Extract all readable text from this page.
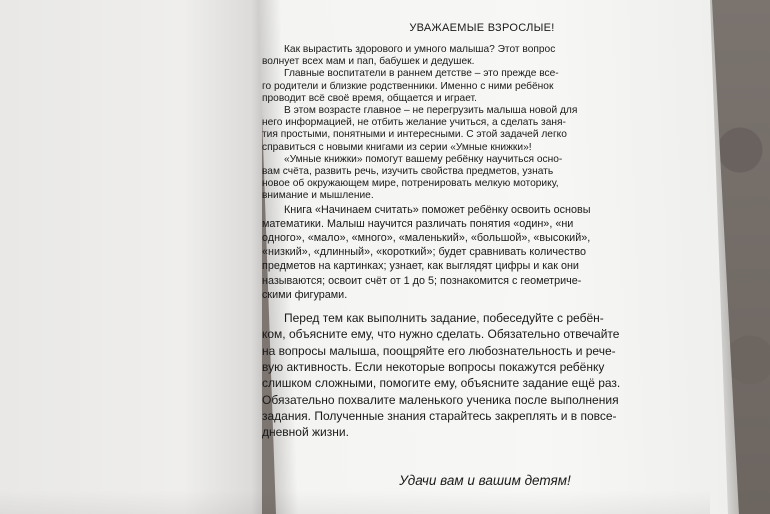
УВАЖАЕМЫЕ ВЗРОСЛЫЕ!
Как вырастить здорового и умного малыша? Этот вопрос
волнует всех мам и пап, бабушек и дедушек.
Главные воспитатели в раннем детстве – это прежде все-
го родители и близкие родственники. Именно с ними ребёнок
проводит всё своё время, общается и играет.
В этом возрасте главное – не перегрузить малыша новой для
него информацией, не отбить желание учиться, а сделать заня-
тия простыми, понятными и интересными. С этой задачей легко
справиться с новыми книгами из серии «Умные книжки»!
«Умные книжки» помогут вашему ребёнку научиться осно-
вам счёта, развить речь, изучить свойства предметов, узнать
новое об окружающем мире, потренировать мелкую моторику,
внимание и мышление.
Книга «Начинаем считать» поможет ребёнку освоить основы
математики. Малыш научится различать понятия «один», «ни
одного», «мало», «много», «маленький», «большой», «высокий»,
«низкий», «длинный», «короткий»; будет сравнивать количество
предметов на картинках; узнает, как выглядят цифры и как они
называются; освоит счёт от 1 до 5; познакомится с геометриче-
скими фигурами.
Перед тем как выполнить задание, побеседуйте с ребён-
ком, объясните ему, что нужно сделать. Обязательно отвечайте
на вопросы малыша, поощряйте его любознательность и рече-
вую активность. Если некоторые вопросы покажутся ребёнку
слишком сложными, помогите ему, объясните задание ещё раз.
Обязательно похвалите маленького ученика после выполнения
задания. Полученные знания старайтесь закреплять и в повсе-
дневной жизни.
Удачи вам и вашим детям!
